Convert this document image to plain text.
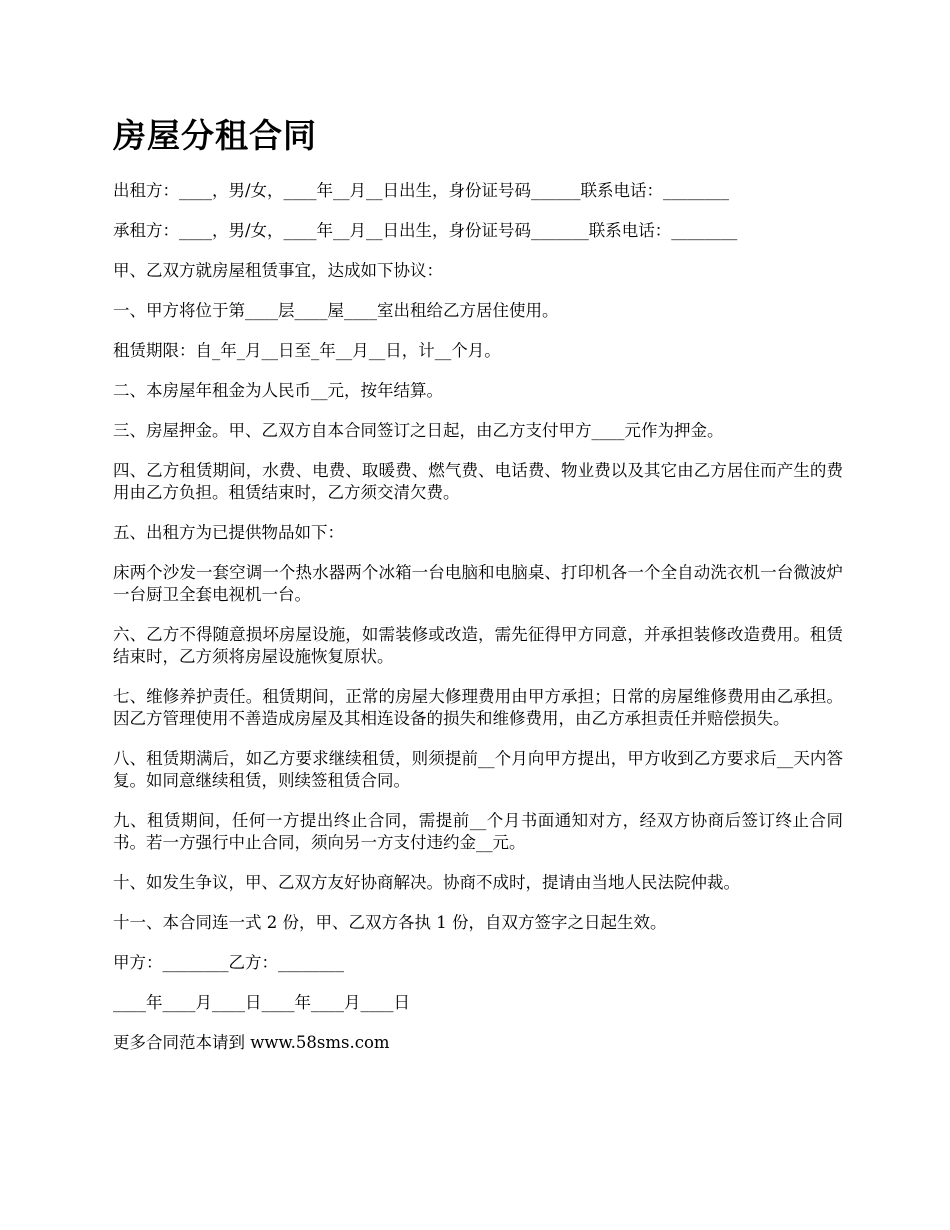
房屋分租合同

出租方：____，男/女，____年__月__日出生，身份证号码______联系电话：________

承租方：____，男/女，____年__月__日出生，身份证号码_______联系电话：________

甲、乙双方就房屋租赁事宜，达成如下协议：

一、甲方将位于第____层____屋____室出租给乙方居住使用。

租赁期限：自_年_月__日至_年__月__日，计__个月。

二、本房屋年租金为人民币__元，按年结算。

三、房屋押金。甲、乙双方自本合同签订之日起，由乙方支付甲方____元作为押金。

四、乙方租赁期间，水费、电费、取暖费、燃气费、电话费、物业费以及其它由乙方居住而产生的费用由乙方负担。租赁结束时，乙方须交清欠费。

五、出租方为已提供物品如下：

床两个沙发一套空调一个热水器两个冰箱一台电脑和电脑桌、打印机各一个全自动洗衣机一台微波炉一台厨卫全套电视机一台。

六、乙方不得随意损坏房屋设施，如需装修或改造，需先征得甲方同意，并承担装修改造费用。租赁结束时，乙方须将房屋设施恢复原状。

七、维修养护责任。租赁期间，正常的房屋大修理费用由甲方承担；日常的房屋维修费用由乙承担。因乙方管理使用不善造成房屋及其相连设备的损失和维修费用，由乙方承担责任并赔偿损失。

八、租赁期满后，如乙方要求继续租赁，则须提前__个月向甲方提出，甲方收到乙方要求后__天内答复。如同意继续租赁，则续签租赁合同。

九、租赁期间，任何一方提出终止合同，需提前__个月书面通知对方，经双方协商后签订终止合同书。若一方强行中止合同，须向另一方支付违约金__元。

十、如发生争议，甲、乙双方友好协商解决。协商不成时，提请由当地人民法院仲裁。

十一、本合同连一式 2 份，甲、乙双方各执 1 份，自双方签字之日起生效。

甲方：________乙方：________

____年____月____日____年____月____日

更多合同范本请到 www.58sms.com
